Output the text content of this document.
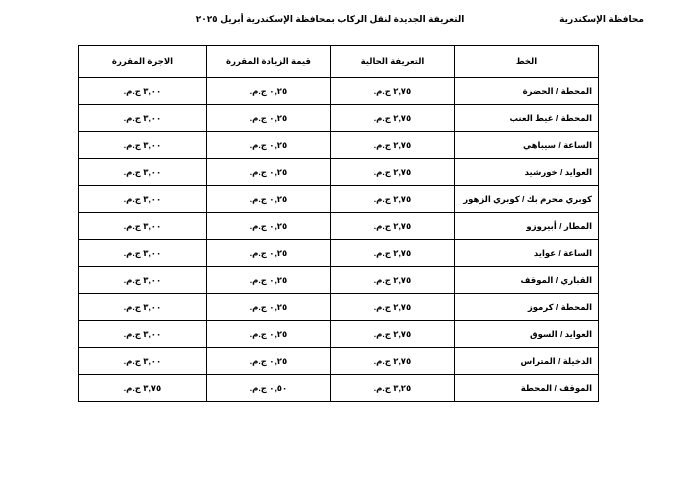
محافظة الإسكندرية
التعريفة الجديدة لنقل الركاب بمحافظة الإسكندرية أبريل ٢٠٢٥
الخط	التعريفة الحالية	قيمة الزيادة المقررة	الاجرة المقررة
المحطة / الحضرة	٢,٧٥ ج.م.	٠,٢٥ ج.م.	٣,٠٠ ج.م.
المحطة / غيط العنب	٢,٧٥ ج.م.	٠,٢٥ ج.م.	٣,٠٠ ج.م.
الساعة / سيباهي	٢,٧٥ ج.م.	٠,٢٥ ج.م.	٣,٠٠ ج.م.
العوايد / خورشيد	٢,٧٥ ج.م.	٠,٢٥ ج.م.	٣,٠٠ ج.م.
كوبري محرم بك / كوبري الزهور	٢,٧٥ ج.م.	٠,٢٥ ج.م.	٣,٠٠ ج.م.
المطار / أبيروزو	٢,٧٥ ج.م.	٠,٢٥ ج.م.	٣,٠٠ ج.م.
الساعة / عوايد	٢,٧٥ ج.م.	٠,٢٥ ج.م.	٣,٠٠ ج.م.
القباري / الموقف	٢,٧٥ ج.م.	٠,٢٥ ج.م.	٣,٠٠ ج.م.
المحطة / كرموز	٢,٧٥ ج.م.	٠,٢٥ ج.م.	٣,٠٠ ج.م.
العوايد / السوق	٢,٧٥ ج.م.	٠,٢٥ ج.م.	٣,٠٠ ج.م.
الدخيلة / المتراس	٢,٧٥ ج.م.	٠,٢٥ ج.م.	٣,٠٠ ج.م.
الموقف / المحطة	٣,٢٥ ج.م.	٠,٥٠ ج.م.	٣,٧٥ ج.م.
